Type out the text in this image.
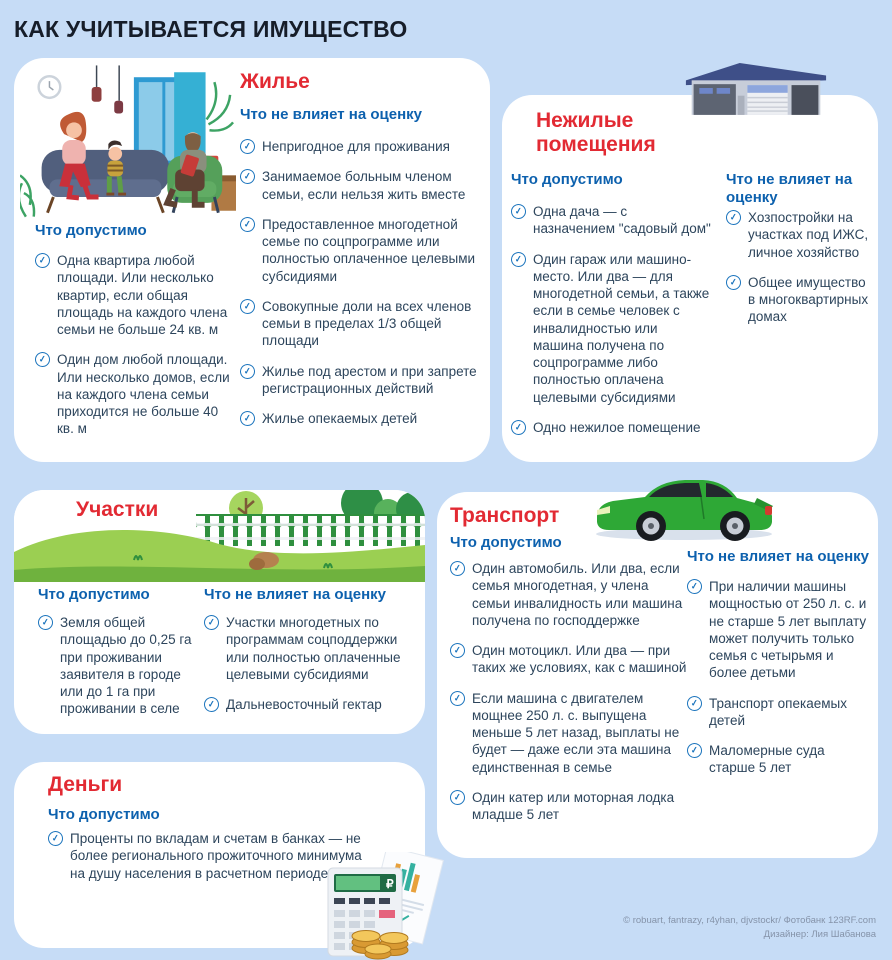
КАК УЧИТЫВАЕТСЯ ИМУЩЕСТВО
Жилье
Что не влияет на оценку
✓ Непригодное для проживания
✓ Занимаемое больным членом семьи, если нельзя жить вместе
✓ Предоставленное многодетной семье по соцпрограмме или полностью оплаченное целевыми субсидиями
✓ Совокупные доли на всех членов семьи в пределах 1/3 общей площади
✓ Жилье под арестом и при запрете регистрационных действий
✓ Жилье опекаемых детей
Что допустимо
✓ Одна квартира любой площади. Или несколько квартир, если общая площадь на каждого члена семьи не больше 24 кв. м
✓ Один дом любой площади. Или несколько домов, если на каждого члена семьи приходится не больше 40 кв. м
Нежилые помещения
Что допустимо
✓ Одна дача — с назначением "садовый дом"
✓ Один гараж или машино-место. Или два — для многодетной семьи, а также если в семье человек с инвалидностью или машина получена по соцпрограмме либо полностью оплачена целевыми субсидиями
✓ Одно нежилое помещение
Что не влияет на оценку
✓ Хозпостройки на участках под ИЖС, личное хозяйство
✓ Общее имущество в многоквартирных домах
Участки
Что допустимо
✓ Земля общей площадью до 0,25 га при проживании заявителя в городе или до 1 га при проживании в селе
Что не влияет на оценку
✓ Участки многодетных по программам соцподдержки или полностью оплаченные целевыми субсидиями
✓ Дальневосточный гектар
Транспорт
Что допустимо
✓ Один автомобиль. Или два, если семья многодетная, у члена семьи инвалидность или машина получена по господдержке
✓ Один мотоцикл. Или два — при таких же условиях, как с машиной
✓ Если машина с двигателем мощнее 250 л. с. выпущена меньше 5 лет назад, выплаты не будет — даже если эта машина единственная в семье
✓ Один катер или моторная лодка младше 5 лет
Что не влияет на оценку
✓ При наличии машины мощностью от 250 л. с. и не старше 5 лет выплату может получить только семья с четырьмя и более детьми
✓ Транспорт опекаемых детей
✓ Маломерные суда старше 5 лет
Деньги
Что допустимо
✓ Проценты по вкладам и счетам в банках — не более регионального прожиточного минимума на душу населения в расчетном периоде
₽
© robuart, fantrazy, r4yhan, djvstockr/ Фотобанк 123RF.com
Дизайнер: Лия Шабанова
